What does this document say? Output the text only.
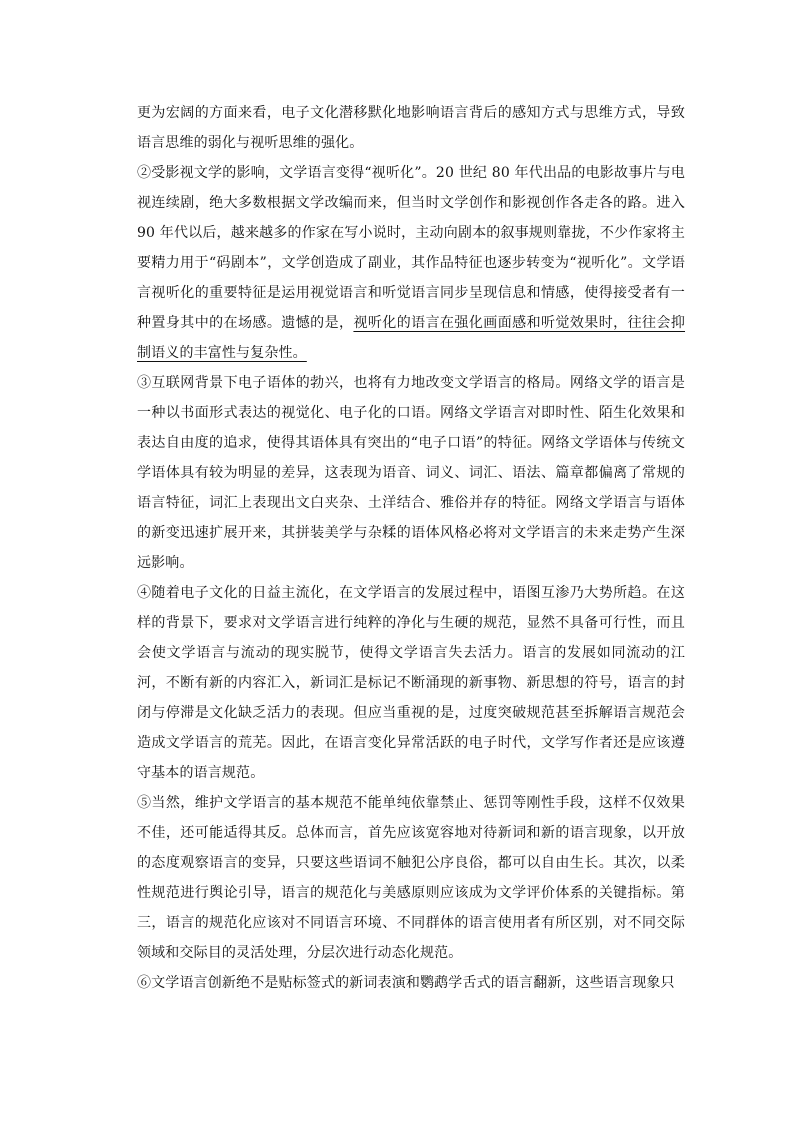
更为宏阔的方面来看，电子文化潜移默化地影响语言背后的感知方式与思维方式，导致语言思维的弱化与视听思维的强化。

②受影视文学的影响，文学语言变得“视听化”。20 世纪 80 年代出品的电影故事片与电视连续剧，绝大多数根据文学改编而来，但当时文学创作和影视创作各走各的路。进入 90 年代以后，越来越多的作家在写小说时，主动向剧本的叙事规则靠拢，不少作家将主要精力用于“码剧本”，文学创造成了副业，其作品特征也逐步转变为“视听化”。文学语言视听化的重要特征是运用视觉语言和听觉语言同步呈现信息和情感，使得接受者有一种置身其中的在场感。遗憾的是，视听化的语言在强化画面感和听觉效果时，往往会抑制语义的丰富性与复杂性。

③互联网背景下电子语体的勃兴，也将有力地改变文学语言的格局。网络文学的语言是一种以书面形式表达的视觉化、电子化的口语。网络文学语言对即时性、陌生化效果和表达自由度的追求，使得其语体具有突出的“电子口语”的特征。网络文学语体与传统文学语体具有较为明显的差异，这表现为语音、词义、词汇、语法、篇章都偏离了常规的语言特征，词汇上表现出文白夹杂、土洋结合、雅俗并存的特征。网络文学语言与语体的新变迅速扩展开来，其拼装美学与杂糅的语体风格必将对文学语言的未来走势产生深远影响。

④随着电子文化的日益主流化，在文学语言的发展过程中，语图互渗乃大势所趋。在这样的背景下，要求对文学语言进行纯粹的净化与生硬的规范，显然不具备可行性，而且会使文学语言与流动的现实脱节，使得文学语言失去活力。语言的发展如同流动的江河，不断有新的内容汇入，新词汇是标记不断涌现的新事物、新思想的符号，语言的封闭与停滞是文化缺乏活力的表现。但应当重视的是，过度突破规范甚至拆解语言规范会造成文学语言的荒芜。因此，在语言变化异常活跃的电子时代，文学写作者还是应该遵守基本的语言规范。

⑤当然，维护文学语言的基本规范不能单纯依靠禁止、惩罚等刚性手段，这样不仅效果不佳，还可能适得其反。总体而言，首先应该宽容地对待新词和新的语言现象，以开放的态度观察语言的变异，只要这些语词不触犯公序良俗，都可以自由生长。其次，以柔性规范进行舆论引导，语言的规范化与美感原则应该成为文学评价体系的关键指标。第三，语言的规范化应该对不同语言环境、不同群体的语言使用者有所区别，对不同交际领域和交际目的灵活处理，分层次进行动态化规范。

⑥文学语言创新绝不是贴标签式的新词表演和鹦鹉学舌式的语言翻新，这些语言现象只
